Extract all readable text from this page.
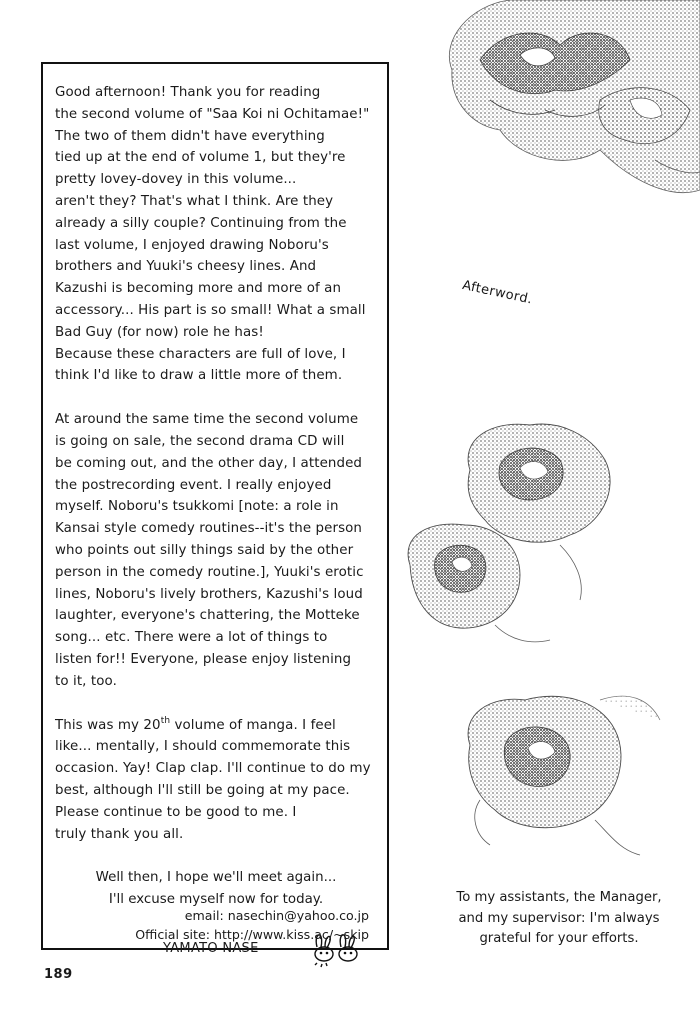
Good afternoon! Thank you for reading
the second volume of "Saa Koi ni Ochitamae!"
The two of them didn't have everything
tied up at the end of volume 1, but they're
pretty lovey-dovey in this volume...
aren't they? That's what I think. Are they
already a silly couple? Continuing from the
last volume, I enjoyed drawing Noboru's
brothers and Yuuki's cheesy lines. And
Kazushi is becoming more and more of an
accessory... His part is so small! What a small
Bad Guy (for now) role he has!
Because these characters are full of love, I
think I'd like to draw a little more of them.

At around the same time the second volume
is going on sale, the second drama CD will
be coming out, and the other day, I attended
the postrecording event. I really enjoyed
myself. Noboru's tsukkomi [note: a role in
Kansai style comedy routines--it's the person
who points out silly things said by the other
person in the comedy routine.], Yuuki's erotic
lines, Noboru's lively brothers, Kazushi's loud
laughter, everyone's chattering, the Motteke
song... etc. There were a lot of things to
listen for!! Everyone, please enjoy listening
to it, too.

This was my 20th volume of manga. I feel
like... mentally, I should commemorate this
occasion. Yay! Clap clap. I'll continue to do my
best, although I'll still be going at my pace.
Please continue to be good to me. I
truly thank you all.

Well then, I hope we'll meet again...
I'll excuse myself now for today.
YAMATO NASE
email: nasechin@yahoo.co.jp
Official site: http://www.kiss.ac/~skip
Afterword.
To my assistants, the Manager,
and my supervisor: I'm always
grateful for your efforts.
189
